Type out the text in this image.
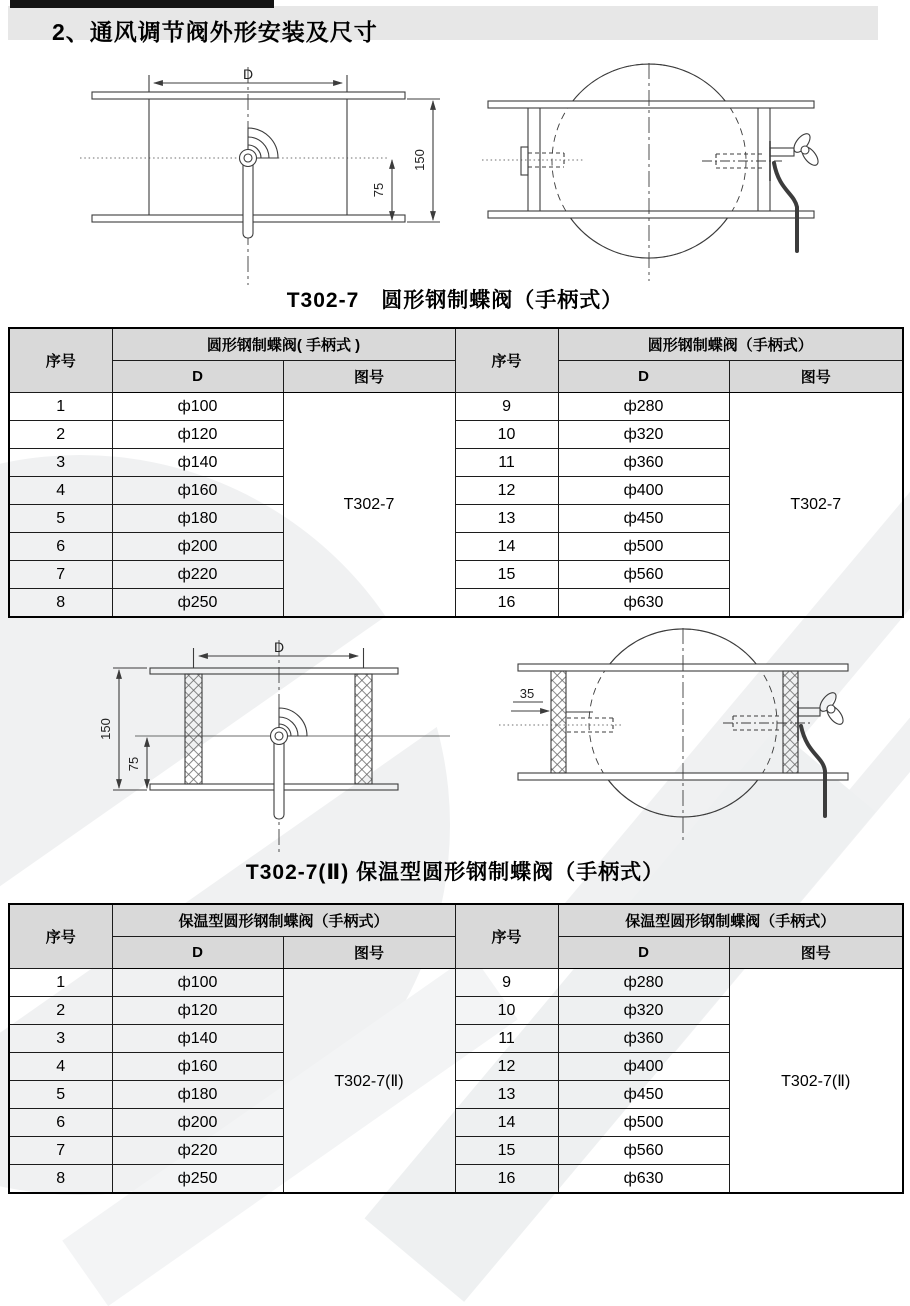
2、通风调节阀外形安装及尺寸
D
150
75
T302-7　圆形钢制蝶阀（手柄式）
序号	圆形钢制蝶阀( 手柄式 )		序号	圆形钢制蝶阀（手柄式）	
	D	图号		D	图号
1	ф100	T302-7	9	ф280	T302-7
2	ф120		10	ф320	
3	ф140		11	ф360	
4	ф160		12	ф400	
5	ф180		13	ф450	
6	ф200		14	ф500	
7	ф220		15	ф560	
8	ф250		16	ф630	
D
150
75
35
T302-7(Ⅱ) 保温型圆形钢制蝶阀（手柄式）
序号	保温型圆形钢制蝶阀（手柄式）		序号	保温型圆形钢制蝶阀（手柄式）	
	D	图号		D	图号
1	ф100	T302-7(Ⅱ)	9	ф280	T302-7(Ⅱ)
2	ф120		10	ф320	
3	ф140		11	ф360	
4	ф160		12	ф400	
5	ф180		13	ф450	
6	ф200		14	ф500	
7	ф220		15	ф560	
8	ф250		16	ф630	
